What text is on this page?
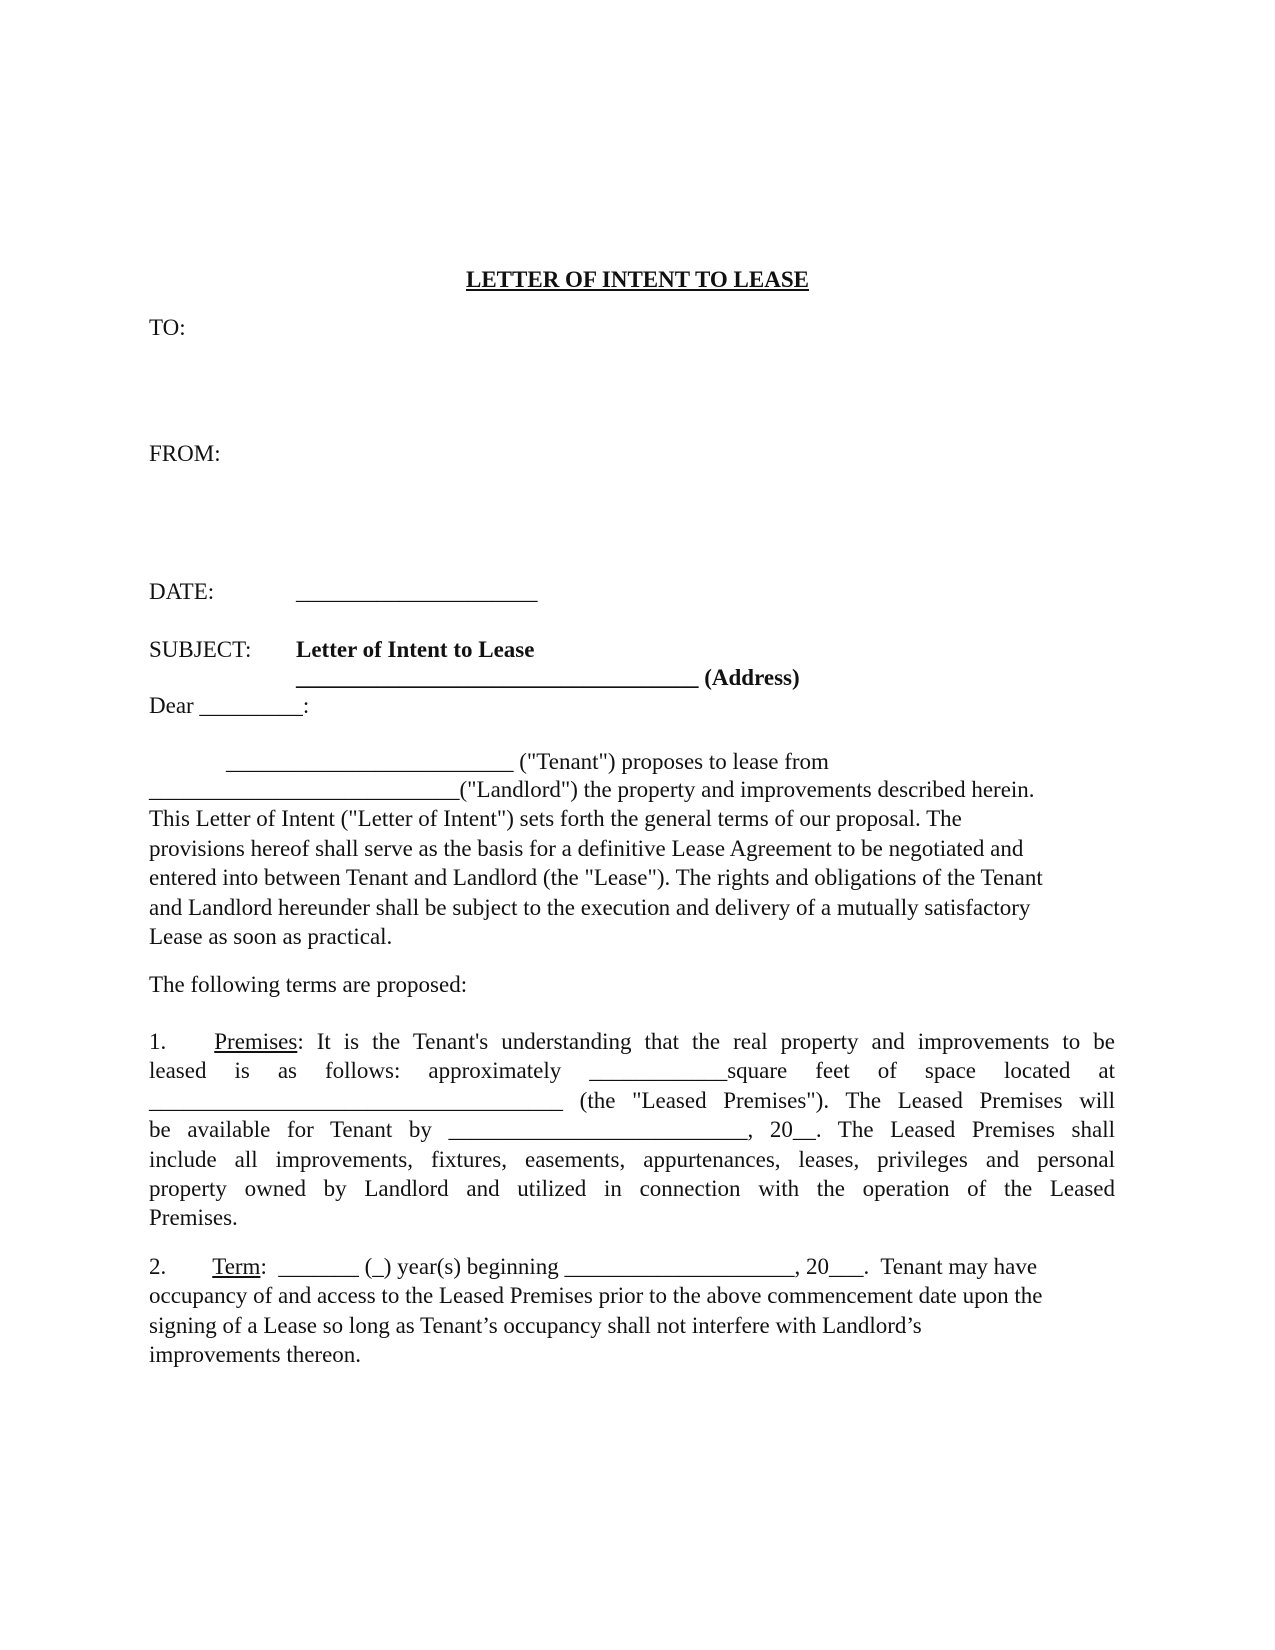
LETTER OF INTENT TO LEASE
TO:
FROM:
DATE:	_____________________
SUBJECT: Letter of Intent to Lease
___________________________________ (Address)
Dear _________:
_________________________ ("Tenant") proposes to lease from
___________________________("Landlord") the property and improvements described herein.
This Letter of Intent ("Letter of Intent") sets forth the general terms of our proposal. The
provisions hereof shall serve as the basis for a definitive Lease Agreement to be negotiated and
entered into between Tenant and Landlord (the "Lease"). The rights and obligations of the Tenant
and Landlord hereunder shall be subject to the execution and delivery of a mutually satisfactory
Lease as soon as practical.
The following terms are proposed:
1. Premises: It is the Tenant's understanding that the real property and improvements to be
leased is as follows: approximately ____________square feet of space located at
____________________________________ (the "Leased Premises"). The Leased Premises will
be available for Tenant by __________________________, 20__. The Leased Premises shall
include all improvements, fixtures, easements, appurtenances, leases, privileges and personal
property owned by Landlord and utilized in connection with the operation of the Leased
Premises.
2. Term:  _______ (_) year(s) beginning ____________________, 20___.  Tenant may have
occupancy of and access to the Leased Premises prior to the above commencement date upon the
signing of a Lease so long as Tenant’s occupancy shall not interfere with Landlord’s
improvements thereon.
